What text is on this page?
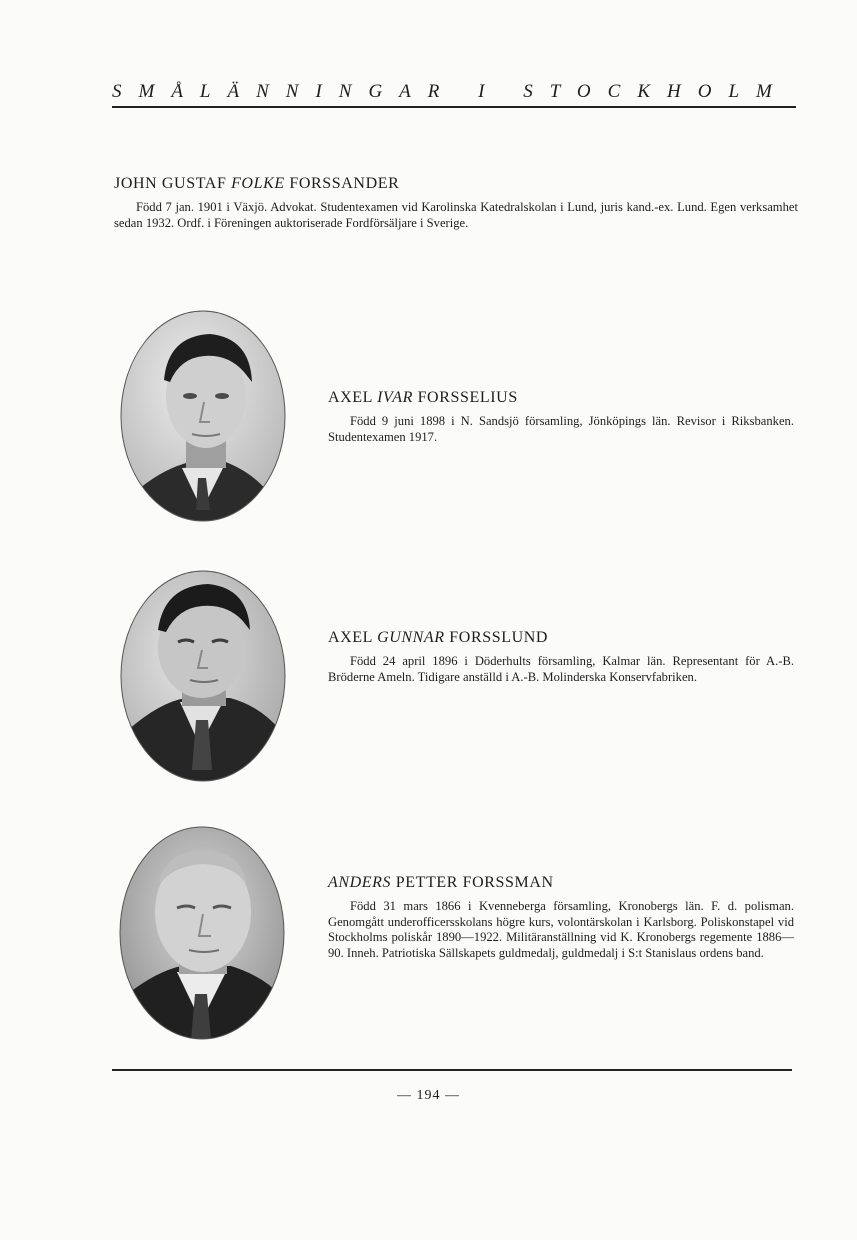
SMÅLÄNNINGAR I STOCKHOLM
JOHN GUSTAF FOLKE FORSSANDER
Född 7 jan. 1901 i Växjö. Advokat. Studentexamen vid Karolinska Katedralskolan i Lund, juris kand.-ex. Lund. Egen verksamhet sedan 1932. Ordf. i Föreningen auktoriserade Fordförsäljare i Sverige.
AXEL IVAR FORSSELIUS
Född 9 juni 1898 i N. Sandsjö församling, Jönköpings län. Revisor i Riksbanken. Studentexamen 1917.
AXEL GUNNAR FORSSLUND
Född 24 april 1896 i Döderhults församling, Kalmar län. Representant för A.-B. Bröderne Ameln. Tidigare anställd i A.-B. Molinderska Konservfabriken.
ANDERS PETTER FORSSMAN
Född 31 mars 1866 i Kvenneberga församling, Kronobergs län. F. d. polisman. Genomgått underofficersskolans högre kurs, volontärskolan i Karlsborg. Poliskonstapel vid Stockholms poliskår 1890—1922. Militäranställning vid K. Kronobergs regemente 1886—90. Inneh. Patriotiska Sällskapets guldmedalj, guldmedalj i S:t Stanislaus ordens band.
— 194 —
